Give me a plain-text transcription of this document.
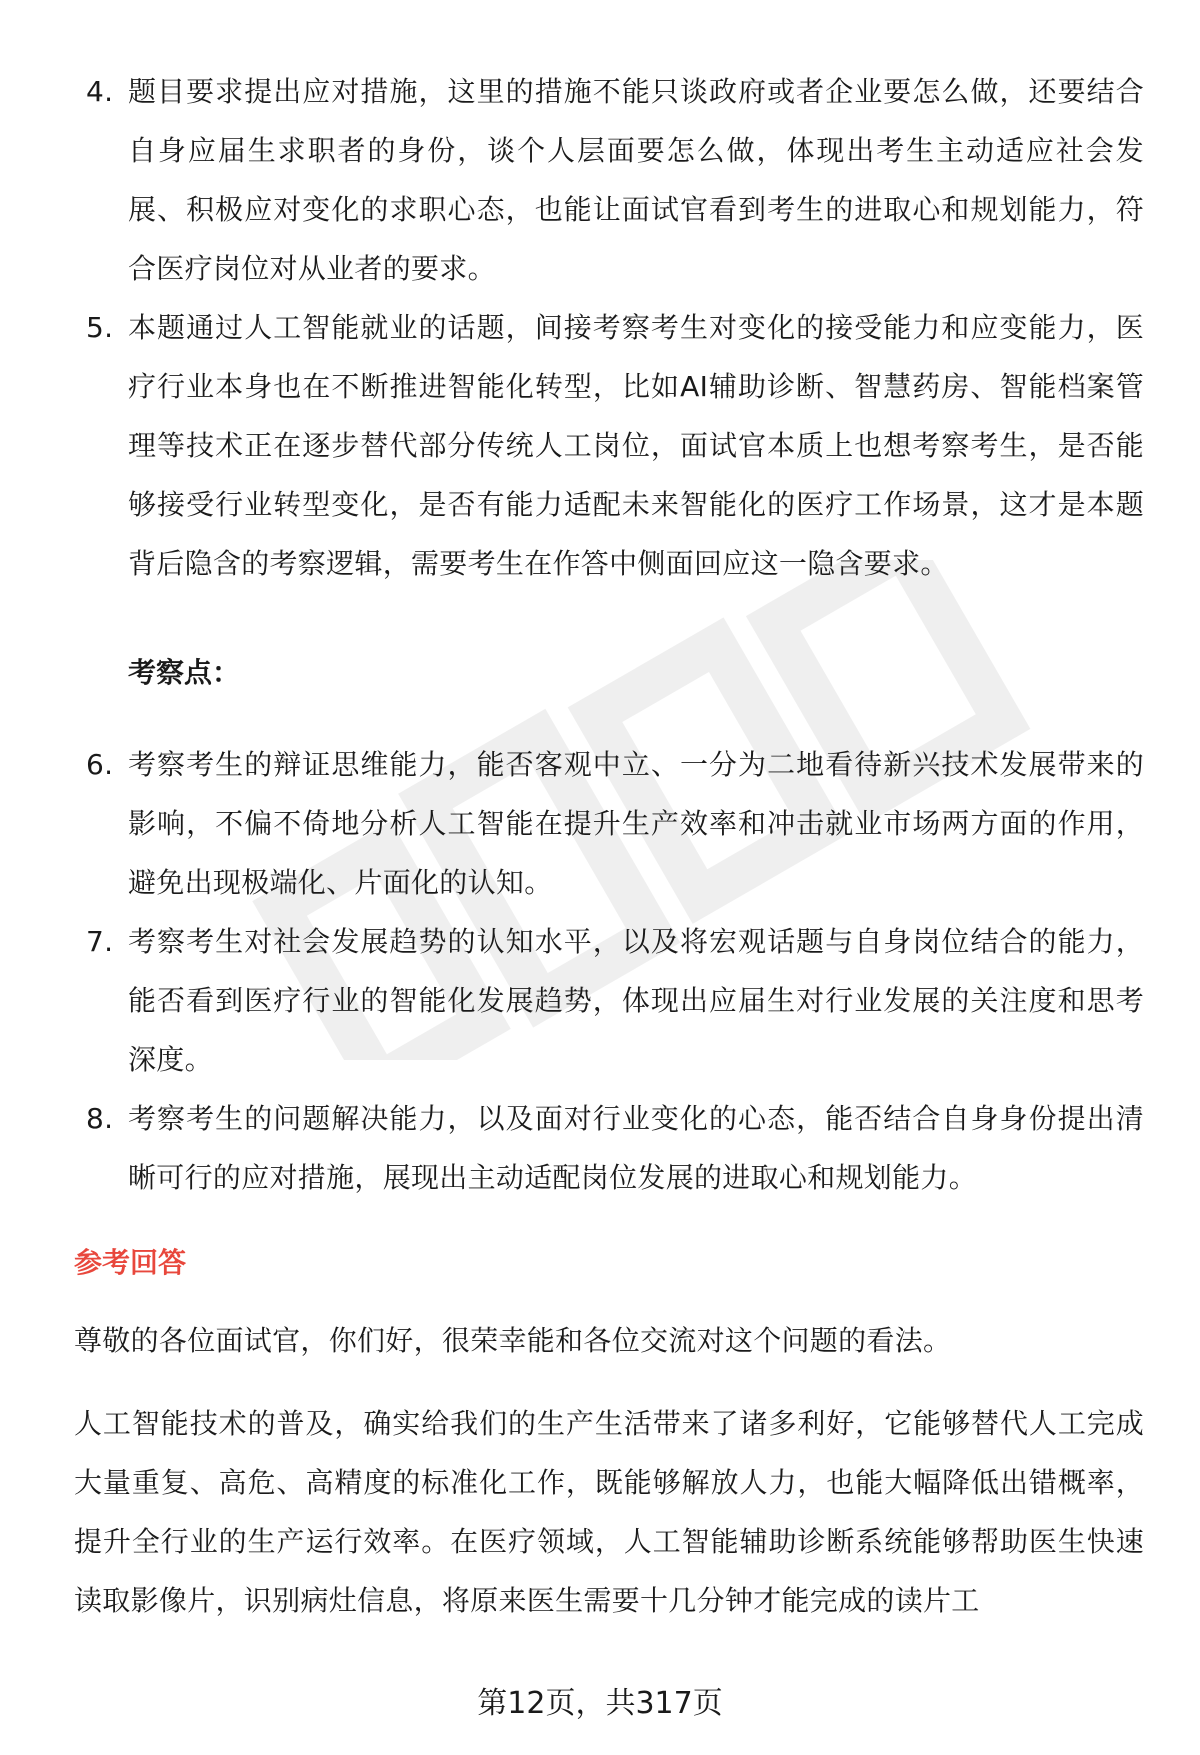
4. 题目要求提出应对措施，这里的措施不能只谈政府或者企业要怎么做，还要结合自身应届生求职者的身份，谈个人层面要怎么做，体现出考生主动适应社会发展、积极应对变化的求职心态，也能让面试官看到考生的进取心和规划能力，符合医疗岗位对从业者的要求。
5. 本题通过人工智能就业的话题，间接考察考生对变化的接受能力和应变能力，医疗行业本身也在不断推进智能化转型，比如AI辅助诊断、智慧药房、智能档案管理等技术正在逐步替代部分传统人工岗位，面试官本质上也想考察考生，是否能够接受行业转型变化，是否有能力适配未来智能化的医疗工作场景，这才是本题背后隐含的考察逻辑，需要考生在作答中侧面回应这一隐含要求。
考察点：
6. 考察考生的辩证思维能力，能否客观中立、一分为二地看待新兴技术发展带来的影响，不偏不倚地分析人工智能在提升生产效率和冲击就业市场两方面的作用，避免出现极端化、片面化的认知。
7. 考察考生对社会发展趋势的认知水平，以及将宏观话题与自身岗位结合的能力，能否看到医疗行业的智能化发展趋势，体现出应届生对行业发展的关注度和思考深度。
8. 考察考生的问题解决能力，以及面对行业变化的心态，能否结合自身身份提出清晰可行的应对措施，展现出主动适配岗位发展的进取心和规划能力。
参考回答
尊敬的各位面试官，你们好，很荣幸能和各位交流对这个问题的看法。
人工智能技术的普及，确实给我们的生产生活带来了诸多利好，它能够替代人工完成大量重复、高危、高精度的标准化工作，既能够解放人力，也能大幅降低出错概率，提升全行业的生产运行效率。在医疗领域，人工智能辅助诊断系统能够帮助医生快速读取影像片，识别病灶信息，将原来医生需要十几分钟才能完成的读片工
第12页，共317页
